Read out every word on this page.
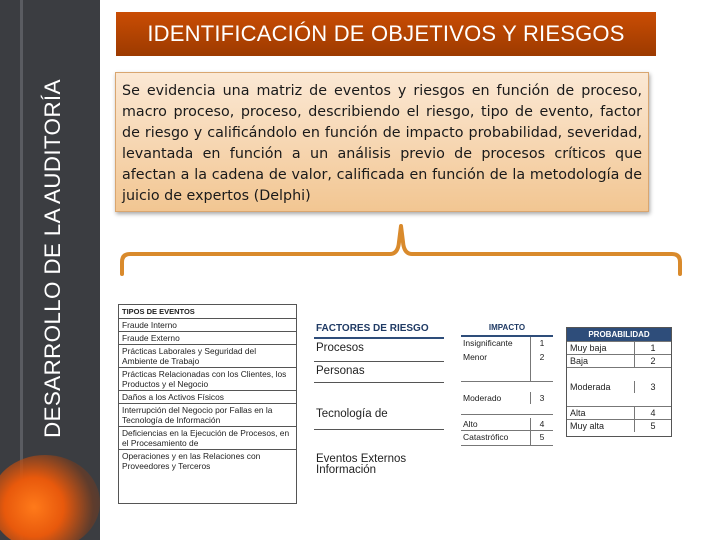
DESARROLLO DE LA AUDITORÍA
IDENTIFICACIÓN DE OBJETIVOS Y RIESGOS
Se evidencia una matriz de eventos y riesgos en función de proceso, macro proceso, proceso, describiendo el riesgo, tipo de evento, factor de riesgo y calificándolo en función de impacto probabilidad, severidad, levantada en función a un análisis previo de procesos críticos que afectan a la cadena de valor, calificada en función de la metodología de juicio de expertos (Delphi)
TIPOS DE EVENTOS
Fraude Interno
Fraude Externo
Prácticas Laborales y Seguridad del Ambiente de Trabajo
Prácticas Relacionadas con los Clientes, los Productos y el Negocio
Daños a los Activos Físicos
Interrupción del Negocio por Fallas en la Tecnología de Información
Deficiencias en la Ejecución de Procesos, en el Procesamiento de
Operaciones y en las Relaciones con Proveedores y Terceros
FACTORES DE RIESGO
Procesos
Personas
Tecnología de Información
Eventos Externos
IMPACTO
Insignificante	1
Menor	2
Moderado	3
Alto	4
Catastrófico	5
PROBABILIDAD
Muy baja	1
Baja	2
Moderada	3
Alta	4
Muy alta	5
